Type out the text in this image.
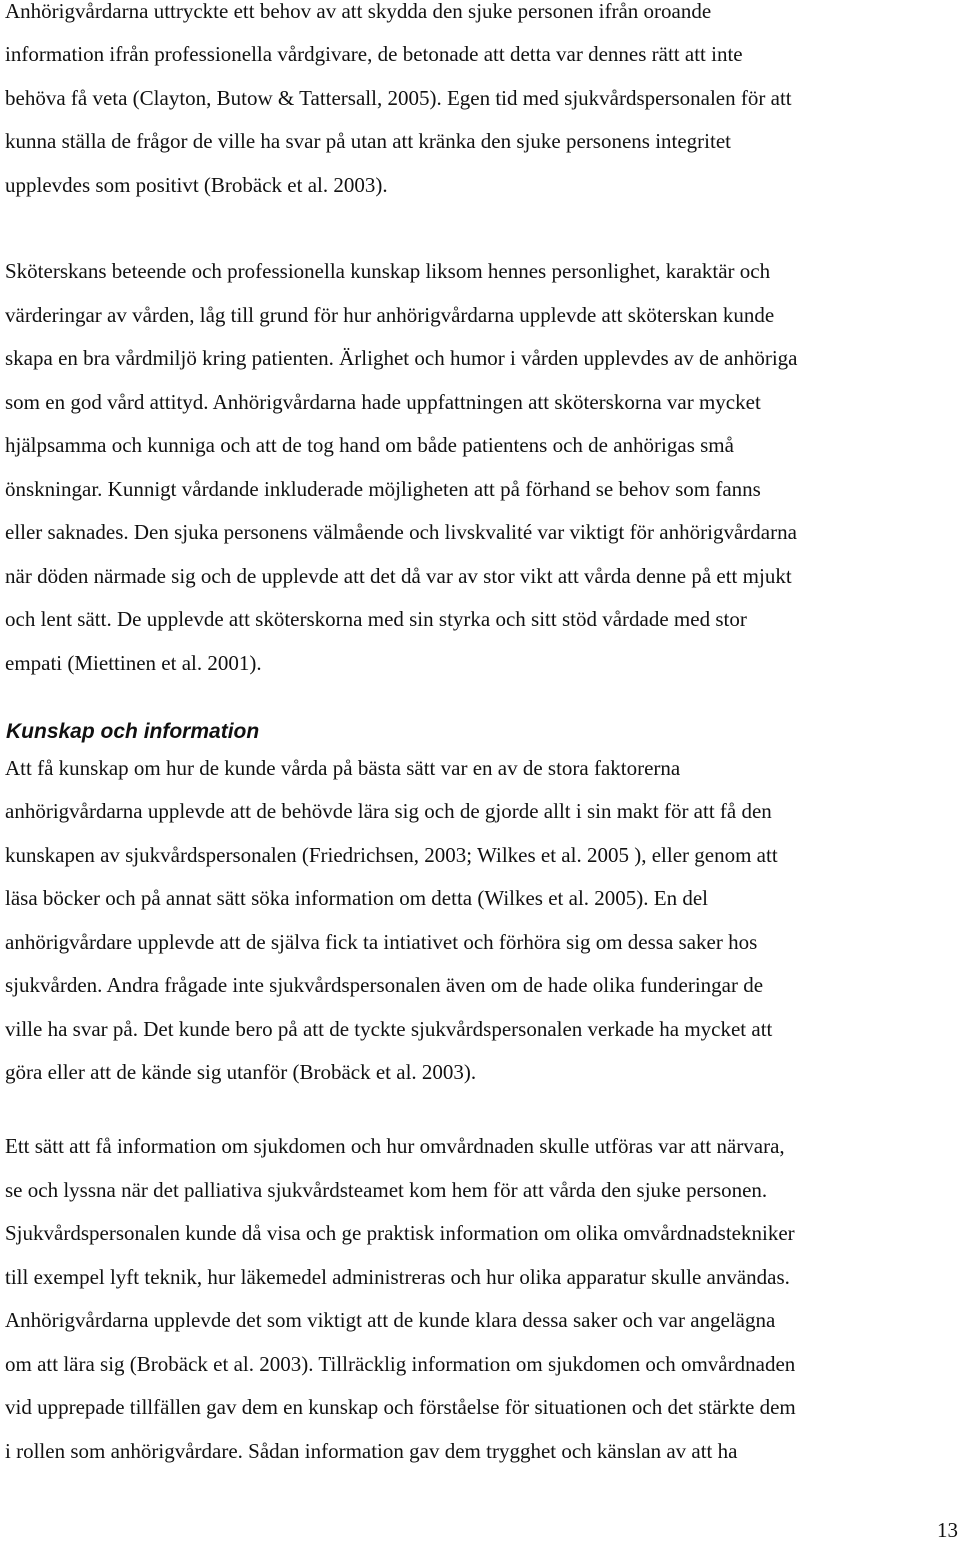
Anhörigvårdarna uttryckte ett behov av att skydda den sjuke personen ifrån oroande

information ifrån professionella vårdgivare, de betonade att detta var dennes rätt att inte

behöva få veta (Clayton, Butow & Tattersall, 2005). Egen tid med sjukvårdspersonalen för att

kunna ställa de frågor de ville ha svar på utan att kränka den sjuke personens integritet

upplevdes som positivt (Brobäck et al. 2003).

Sköterskans beteende och professionella kunskap liksom hennes personlighet, karaktär och

värderingar av vården, låg till grund för hur anhörigvårdarna upplevde att sköterskan kunde

skapa en bra vårdmiljö kring patienten. Ärlighet och humor i vården upplevdes av de anhöriga

som en god vård attityd. Anhörigvårdarna hade uppfattningen att sköterskorna var mycket

hjälpsamma och kunniga och att de tog hand om både patientens och de anhörigas små

önskningar. Kunnigt vårdande inkluderade möjligheten att på förhand se behov som fanns

eller saknades. Den sjuka personens välmående och livskvalité var viktigt för anhörigvårdarna

när döden närmade sig och de upplevde att det då var av stor vikt att vårda denne på ett mjukt

och lent sätt. De upplevde att sköterskorna med sin styrka och sitt stöd vårdade med stor

empati (Miettinen et al. 2001).

Kunskap och information

Att få kunskap om hur de kunde vårda på bästa sätt var en av de stora faktorerna

anhörigvårdarna upplevde att de behövde lära sig och de gjorde allt i sin makt för att få den

kunskapen av sjukvårdspersonalen (Friedrichsen, 2003; Wilkes et al. 2005 ), eller genom att

läsa böcker och på annat sätt söka information om detta (Wilkes et al. 2005). En del

anhörigvårdare upplevde att de själva fick ta intiativet och förhöra sig om dessa saker hos

sjukvården. Andra frågade inte sjukvårdspersonalen även om de hade olika funderingar de

ville ha svar på. Det kunde bero på att de tyckte sjukvårdspersonalen verkade ha mycket att

göra eller att de kände sig utanför (Brobäck et al. 2003).

Ett sätt att få information om sjukdomen och hur omvårdnaden skulle utföras var att närvara,

se och lyssna när det palliativa sjukvårdsteamet kom hem för att vårda den sjuke personen.

Sjukvårdspersonalen kunde då visa och ge praktisk information om olika omvårdnadstekniker

till exempel lyft teknik, hur läkemedel administreras och hur olika apparatur skulle användas.

Anhörigvårdarna upplevde det som viktigt att de kunde klara dessa saker och var angelägna

om att lära sig (Brobäck et al. 2003). Tillräcklig information om sjukdomen och omvårdnaden

vid upprepade tillfällen gav dem en kunskap och förståelse för situationen och det stärkte dem

i rollen som anhörigvårdare. Sådan information gav dem trygghet och känslan av att ha

13
